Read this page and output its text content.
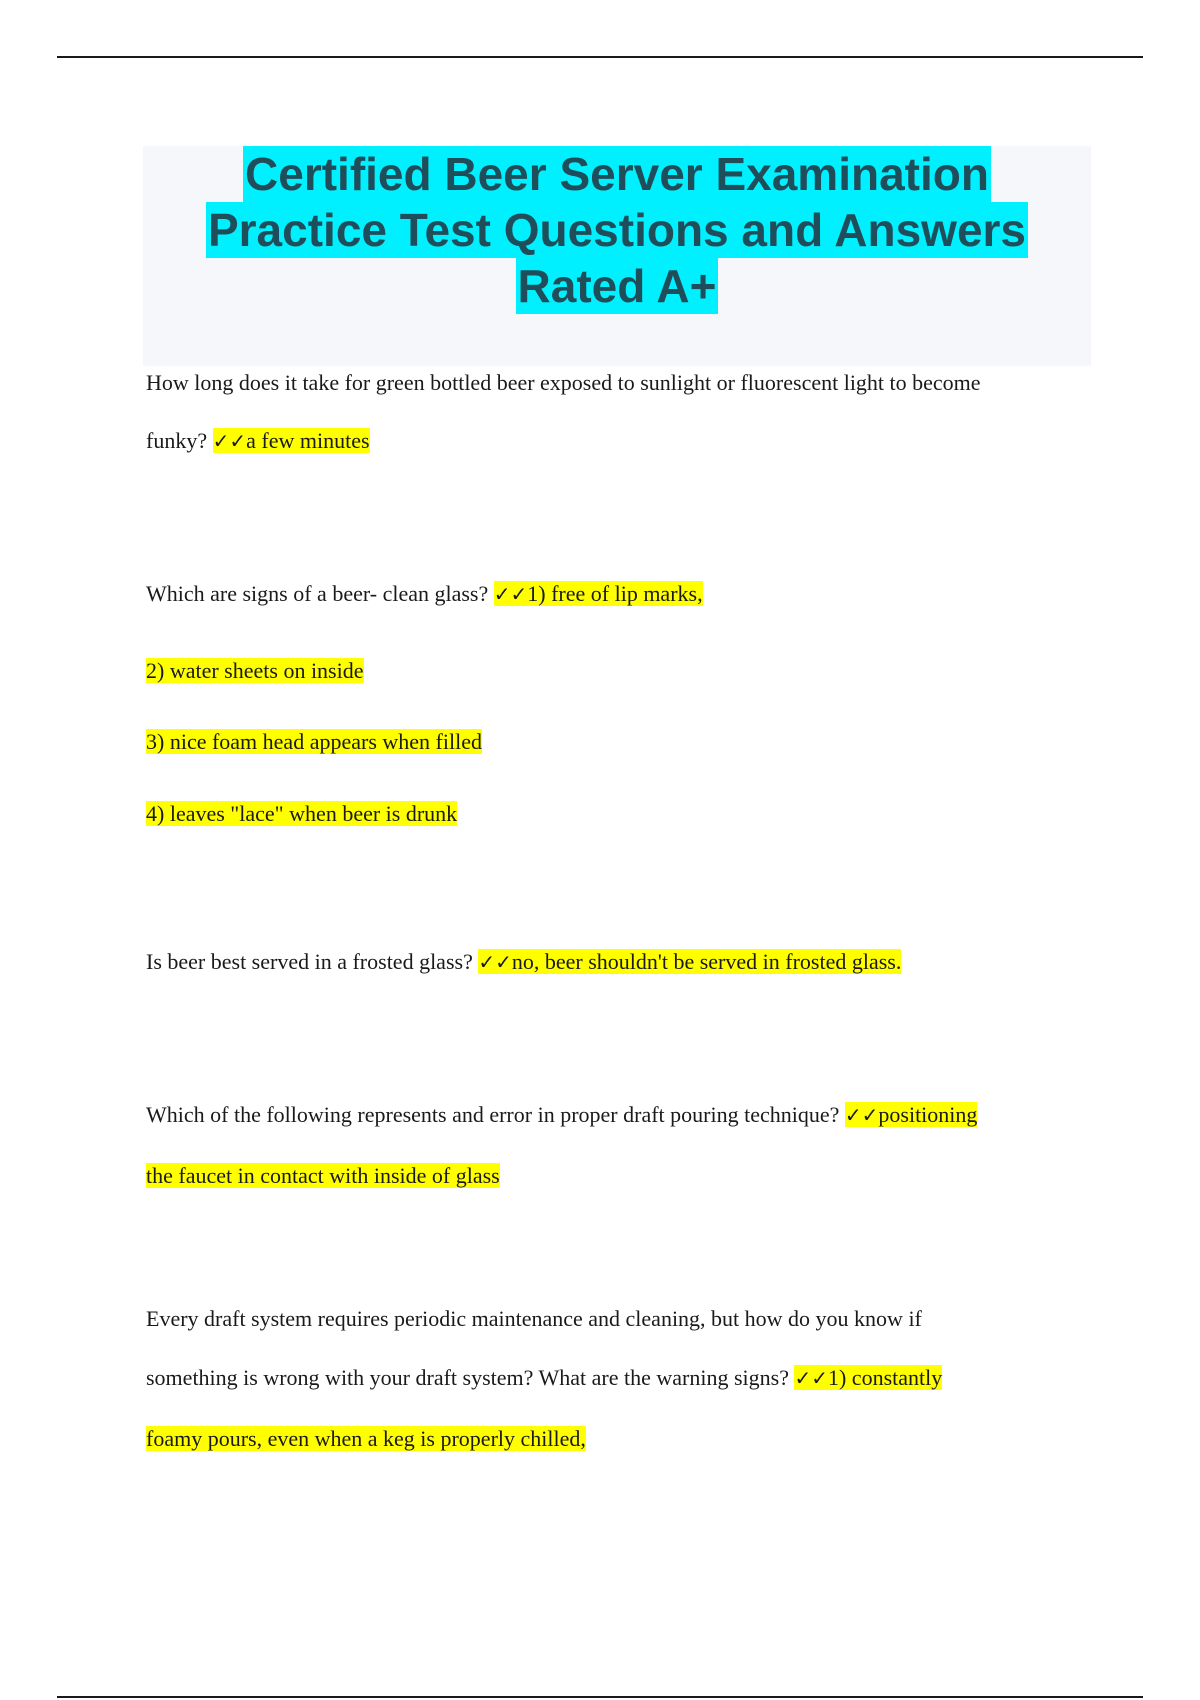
Certified Beer Server Examination
Practice Test Questions and Answers
Rated A+
How long does it take for green bottled beer exposed to sunlight or fluorescent light to become
funky? ✓✓a few minutes
Which are signs of a beer- clean glass? ✓✓1) free of lip marks,
2) water sheets on inside
3) nice foam head appears when filled
4) leaves "lace" when beer is drunk
Is beer best served in a frosted glass? ✓✓no, beer shouldn't be served in frosted glass.
Which of the following represents and error in proper draft pouring technique? ✓✓positioning
the faucet in contact with inside of glass
Every draft system requires periodic maintenance and cleaning, but how do you know if
something is wrong with your draft system? What are the warning signs? ✓✓1) constantly
foamy pours, even when a keg is properly chilled,
